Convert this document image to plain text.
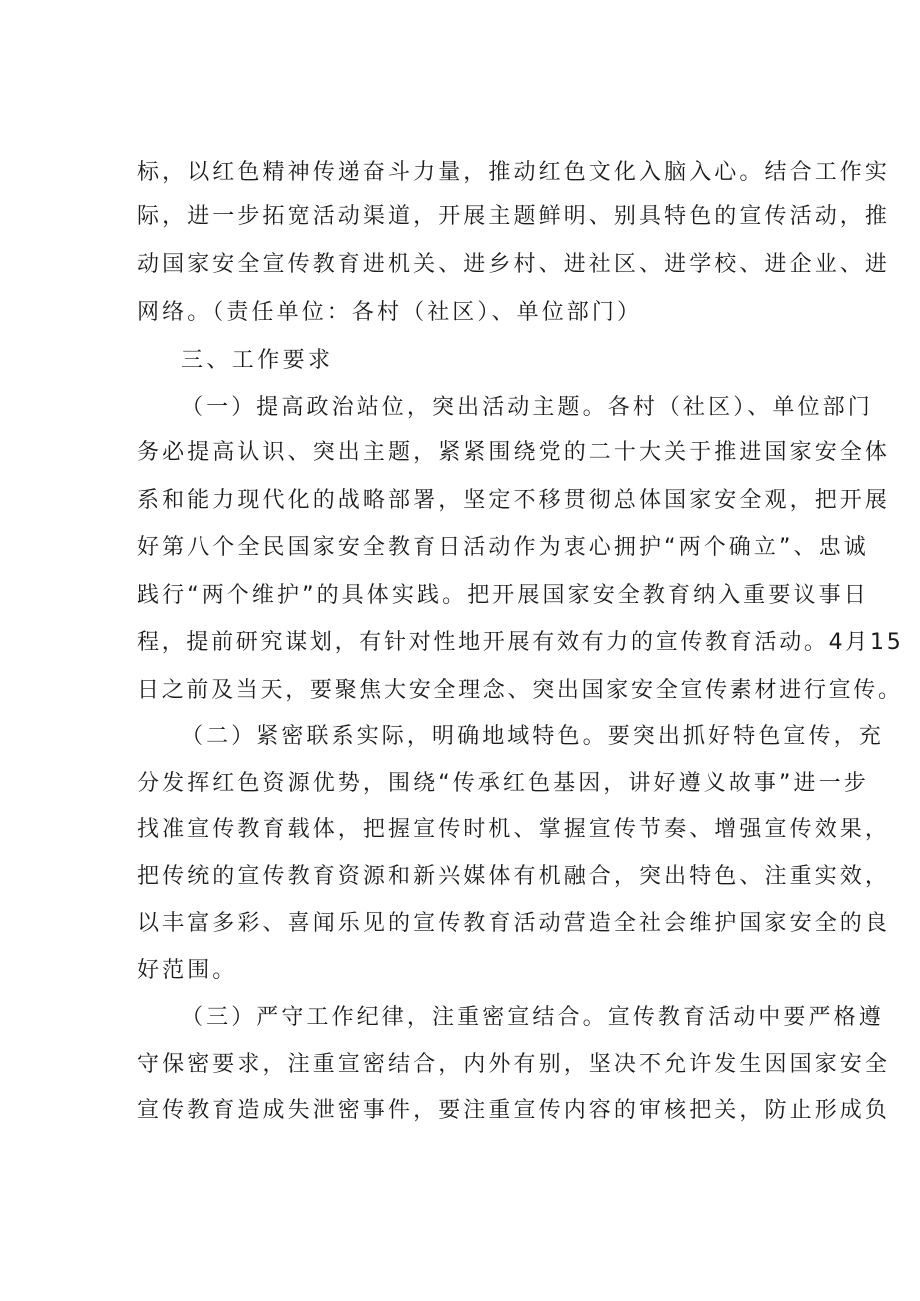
标，以红色精神传递奋斗力量，推动红色文化入脑入心。结合工作实
际，进一步拓宽活动渠道，开展主题鲜明、别具特色的宣传活动，推
动国家安全宣传教育进机关、进乡村、进社区、进学校、进企业、进
网络。（责任单位：各村（社区）、单位部门）
三、工作要求
（一）提高政治站位，突出活动主题。各村（社区）、单位部门
务必提高认识、突出主题，紧紧围绕党的二十大关于推进国家安全体
系和能力现代化的战略部署，坚定不移贯彻总体国家安全观，把开展
好第八个全民国家安全教育日活动作为衷心拥护“两个确立”、忠诚
践行“两个维护”的具体实践。把开展国家安全教育纳入重要议事日
程，提前研究谋划，有针对性地开展有效有力的宣传教育活动。4月15
日之前及当天，要聚焦大安全理念、突出国家安全宣传素材进行宣传。
（二）紧密联系实际，明确地域特色。要突出抓好特色宣传，充
分发挥红色资源优势，围绕“传承红色基因，讲好遵义故事”进一步
找准宣传教育载体，把握宣传时机、掌握宣传节奏、增强宣传效果，
把传统的宣传教育资源和新兴媒体有机融合，突出特色、注重实效，
以丰富多彩、喜闻乐见的宣传教育活动营造全社会维护国家安全的良
好范围。
（三）严守工作纪律，注重密宣结合。宣传教育活动中要严格遵
守保密要求，注重宣密结合，内外有别，坚决不允许发生因国家安全
宣传教育造成失泄密事件，要注重宣传内容的审核把关，防止形成负
